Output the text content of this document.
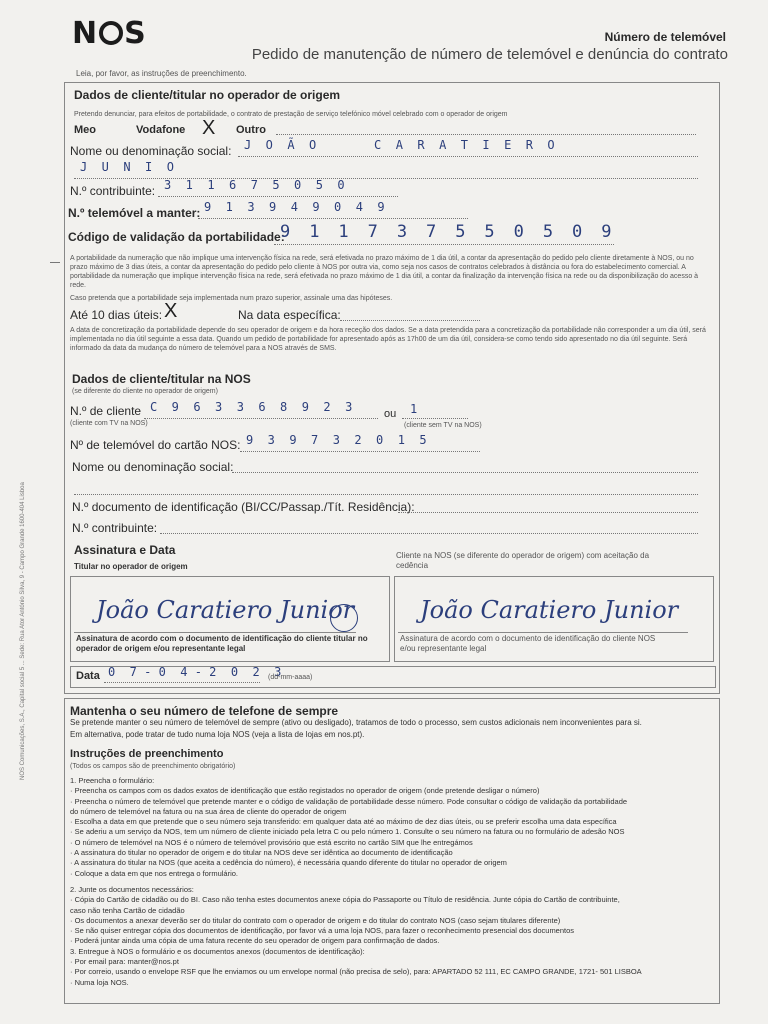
N S	Número de telemóvel
Pedido de manutenção de número de telemóvel e denúncia do contrato
Leia, por favor, as instruções de preenchimento.
NOS Comunicações, S.A., Capital social 5 ... Sede: Rua Ator António Silva, 9 - Campo Grande 1600-404 Lisboa
Dados de cliente/titular no operador de origem
Pretendo denunciar, para efeitos de portabilidade, o contrato de prestação de serviço telefónico móvel celebrado com o operador de origem
Meo	Vodafone X Outro
Nome ou denominação social: J  O  Ã  O        C  A  R  A  T  I  E  R  O
J  U  N  I  O
N.º contribuinte: 3  1  1  6  7  5  0  5  0
N.º telemóvel a manter: 9  1  3  9  4  9  0  4  9
Código de validação da portabilidade:
9  1  1  7  3  7  5  5  0  5  0  9
A portabilidade da numeração que não implique uma intervenção física na rede, será efetivada no prazo máximo de 1 dia útil, a contar da apresentação do pedido pelo cliente diretamente à NOS, ou no prazo máximo de 3 dias úteis, a contar da apresentação do pedido pelo cliente à NOS por outra via, como seja nos casos de contratos celebrados à distância ou fora do estabelecimento comercial. A portabilidade da numeração que implique intervenção física na rede, será efetivada no prazo máximo de 1 dia útil, a contar da finalização da intervenção física na rede ou da disponibilização do acesso à rede.
Caso pretenda que a portabilidade seja implementada num prazo superior, assinale uma das hipóteses.
Até 10 dias úteis: X	Na data específica:
A data de concretização da portabilidade depende do seu operador de origem e da hora receção dos dados. Se a data pretendida para a concretização da portabilidade não corresponder a um dia útil, será implementada no dia útil seguinte a essa data. Quando um pedido de portabilidade for apresentado após as 17h00 de um dia útil, considera-se como tendo sido apresentado no dia útil seguinte. Será informado da data da mudança do número de telemóvel para a NOS através de SMS.
Dados de cliente/titular na NOS
(se diferente do cliente no operador de origem)
N.º de cliente C  9  6  3  3  6  8  9  2  3
(cliente com TV na NOS)
ou 1
(cliente sem TV na NOS)
Nº de telemóvel do cartão NOS: 9  3  9  7  3  2  0  1  5
Nome ou denominação social:
N.º documento de identificação (BI/CC/Passap./Tít. Residência):
N.º contribuinte:
Assinatura e Data
Titular no operador de origem
Cliente na NOS (se diferente do operador de origem) com aceitação da cedência
João Caratiero Junior
Assinatura de acordo com o documento de identificação do cliente titular no operador de origem e/ou representante legal
João Caratiero Junior
Assinatura de acordo com o documento de identificação do cliente NOS e/ou representante legal
Data 0  7 - 0  4 - 2  0  2  3
(dd-mm-aaaa)
Mantenha o seu número de telefone de sempre
Se pretende manter o seu número de telemóvel de sempre (ativo ou desligado), tratamos de todo o processo, sem custos adicionais nem inconvenientes para si.
Em alternativa, pode tratar de tudo numa loja NOS (veja a lista de lojas em nos.pt).
Instruções de preenchimento
(Todos os campos são de preenchimento obrigatório)
1. Preencha o formulário:
· Preencha os campos com os dados exatos de identificação que estão registados no operador de origem (onde pretende desligar o número)
· Preencha o número de telemóvel que pretende manter e o código de validação de portabilidade desse número. Pode consultar o código de validação da portabilidade
do número de telemóvel na fatura ou na sua área de cliente do operador de origem
· Escolha a data em que pretende que o seu número seja transferido: em qualquer data até ao máximo de dez dias úteis, ou se preferir escolha uma data específica
· Se aderiu a um serviço da NOS, tem um número de cliente iniciado pela letra C ou pelo número 1. Consulte o seu número na fatura ou no formulário de adesão NOS
· O número de telemóvel na NOS é o número de telemóvel provisório que está escrito no cartão SIM que lhe entregámos
· A assinatura do titular no operador de origem e do titular na NOS deve ser idêntica ao documento de identificação
· A assinatura do titular na NOS (que aceita a cedência do número), é necessária quando diferente do titular no operador de origem
· Coloque a data em que nos entrega o formulário.
2. Junte os documentos necessários:
· Cópia do Cartão de cidadão ou do BI. Caso não tenha estes documentos anexe cópia do Passaporte ou Título de residência. Junte cópia do Cartão de contribuinte,
caso não tenha Cartão de cidadão
· Os documentos a anexar deverão ser do titular do contrato com o operador de origem e do titular do contrato NOS (caso sejam titulares diferente)
· Se não quiser entregar cópia dos documentos de identificação, por favor vá a uma loja NOS, para fazer o reconhecimento presencial dos documentos
· Poderá juntar ainda uma cópia de uma fatura recente do seu operador de origem para confirmação de dados.
3. Entregue à NOS o formulário e os documentos anexos (documentos de identificação):
· Por email para: manter@nos.pt
· Por correio, usando o envelope RSF que lhe enviamos ou um envelope normal (não precisa de selo), para: APARTADO 52 111, EC CAMPO GRANDE, 1721- 501 LISBOA
· Numa loja NOS.
